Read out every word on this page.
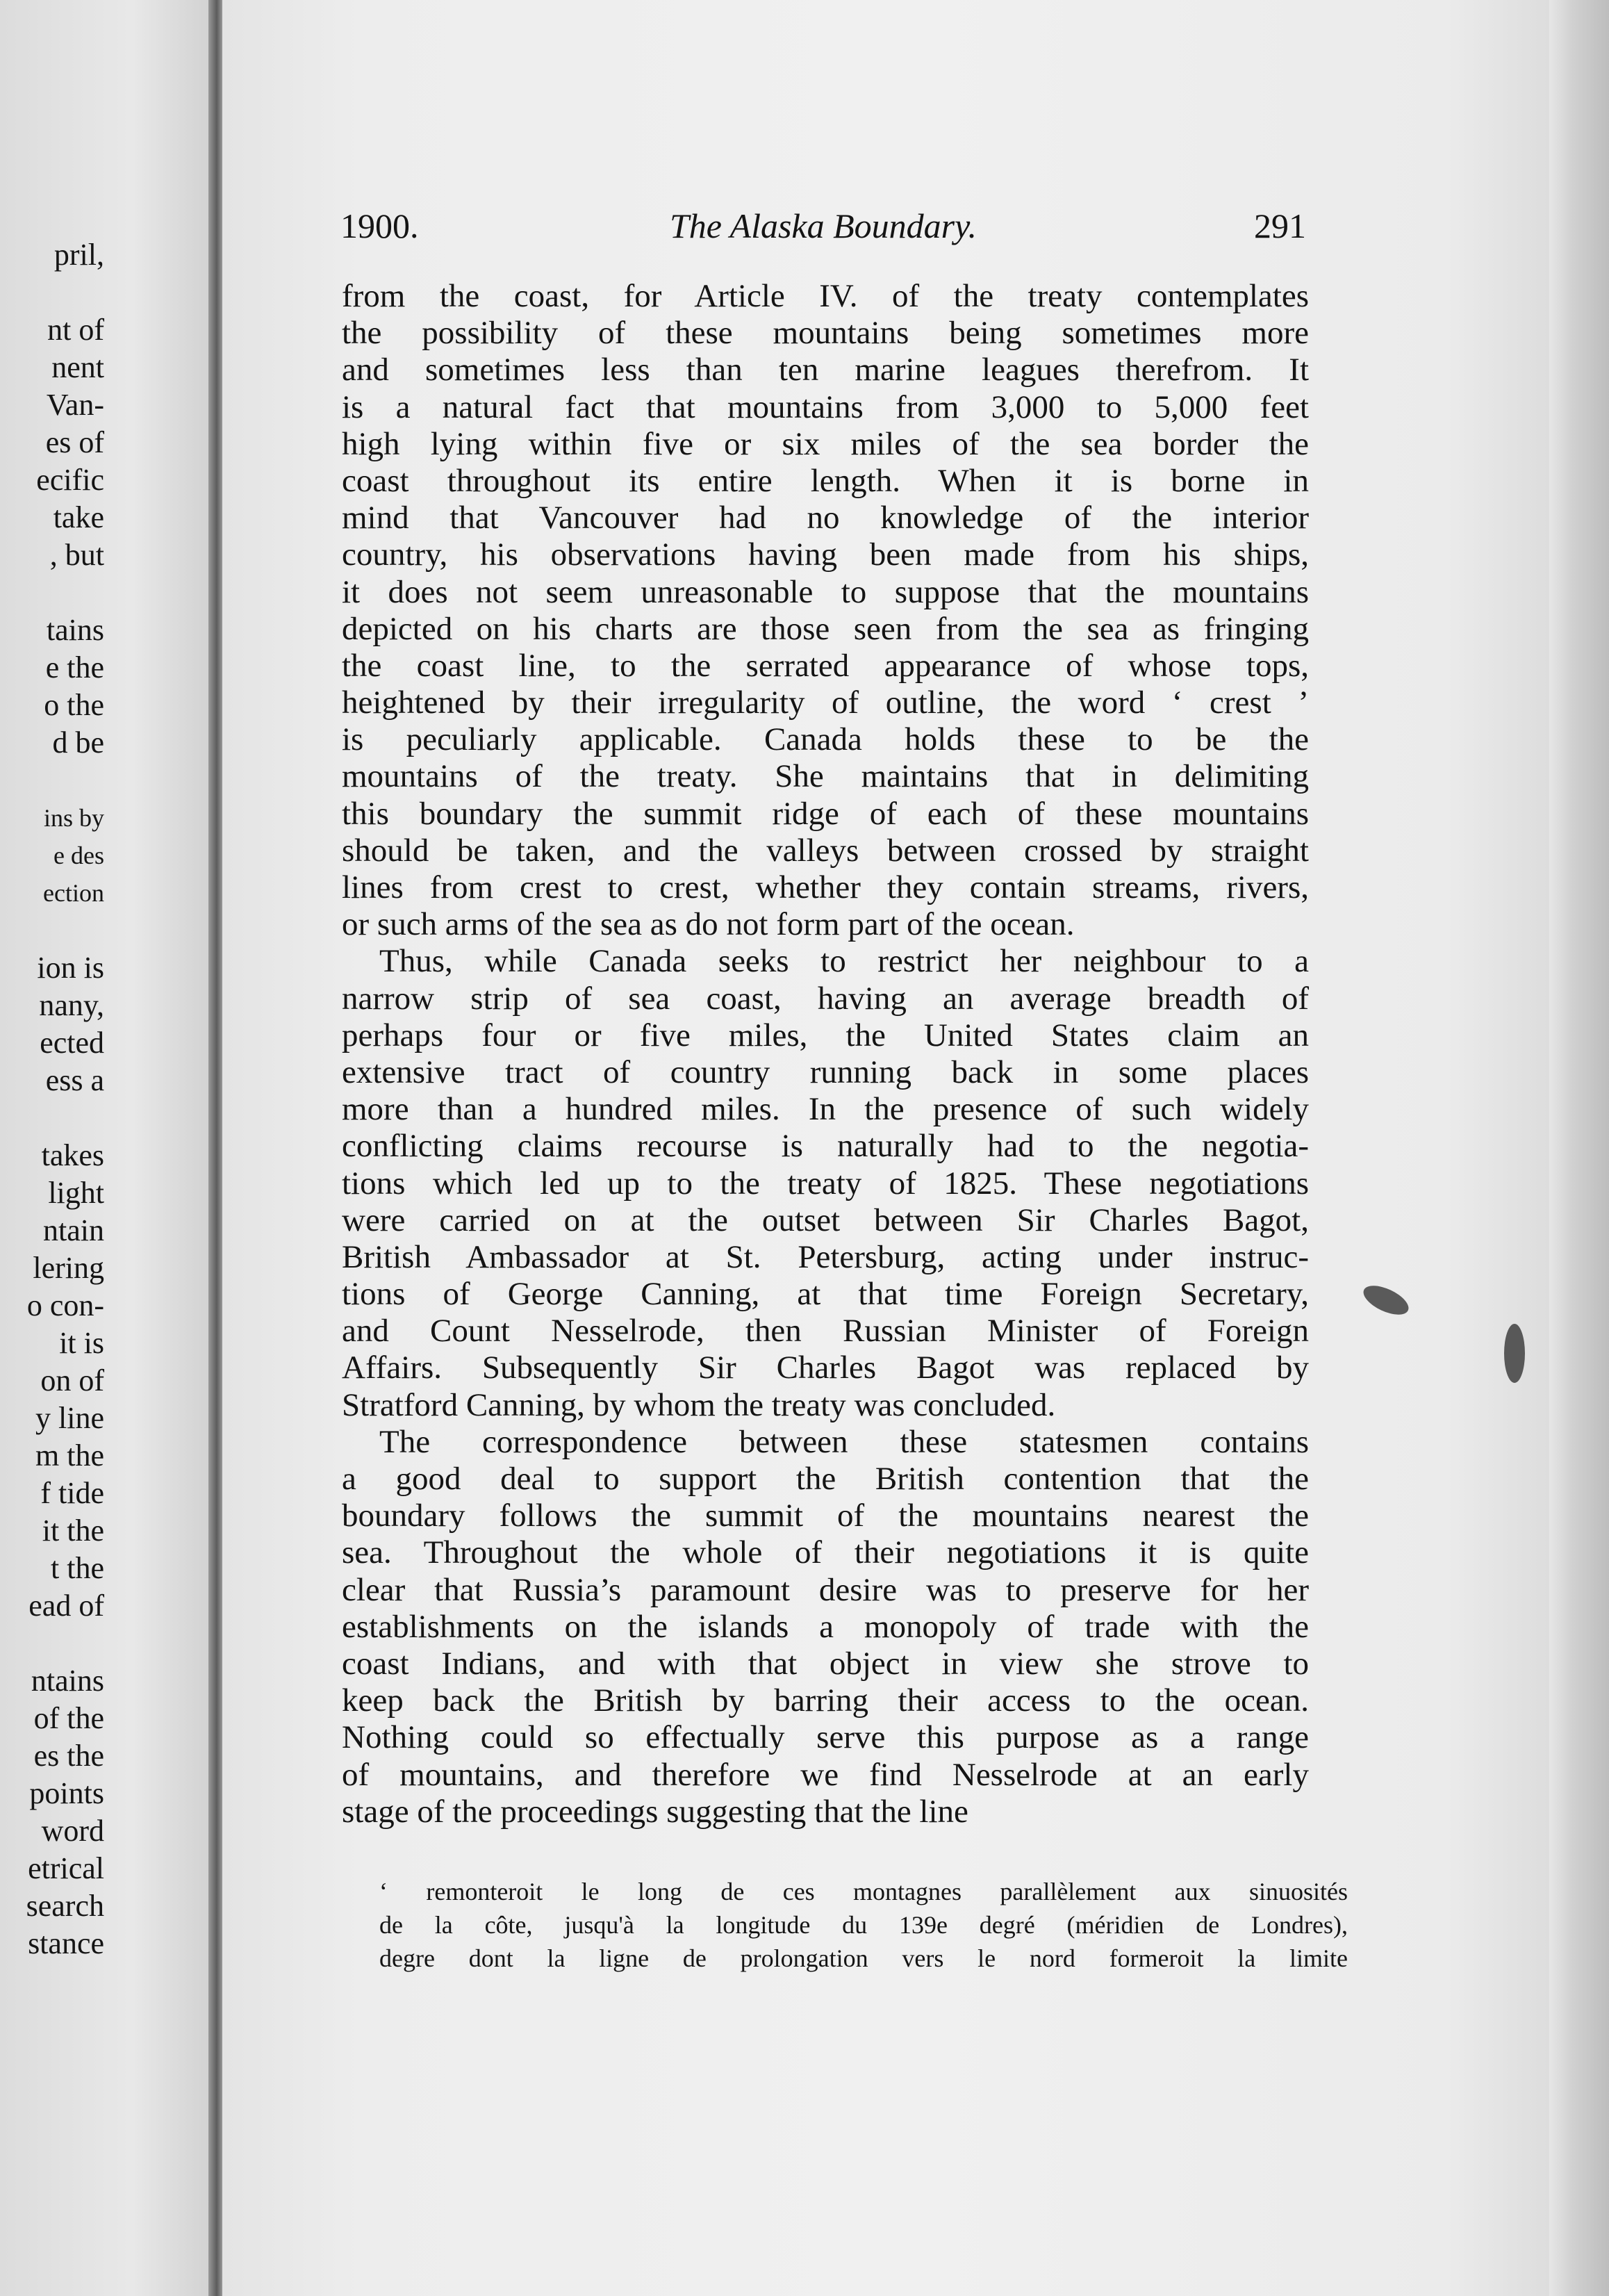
pril,

nt of
nent
Van-
es of
ecific
take
, but

tains
e the
o the
d be

ins by
e des
ection

ion is
nany,
ected
ess a

takes
light
ntain
lering
o con-
it is
on of
y line
m the
f tide
it the
t the
ead of

ntains
of the
es the
points
word
etrical
search
stance
1900.	The Alaska Boundary.	291
from the coast, for Article IV. of the treaty contemplates
the possibility of these mountains being sometimes more
and sometimes less than ten marine leagues therefrom. It
is a natural fact that mountains from 3,000 to 5,000 feet
high lying within five or six miles of the sea border the
coast throughout its entire length. When it is borne in
mind that Vancouver had no knowledge of the interior
country, his observations having been made from his ships,
it does not seem unreasonable to suppose that the mountains
depicted on his charts are those seen from the sea as fringing
the coast line, to the serrated appearance of whose tops,
heightened by their irregularity of outline, the word ‘ crest ’
is peculiarly applicable. Canada holds these to be the
mountains of the treaty. She maintains that in delimiting
this boundary the summit ridge of each of these mountains
should be taken, and the valleys between crossed by straight
lines from crest to crest, whether they contain streams, rivers,
or such arms of the sea as do not form part of the ocean.
Thus, while Canada seeks to restrict her neighbour to a
narrow strip of sea coast, having an average breadth of
perhaps four or five miles, the United States claim an
extensive tract of country running back in some places
more than a hundred miles. In the presence of such widely
conflicting claims recourse is naturally had to the negotia-
tions which led up to the treaty of 1825. These negotiations
were carried on at the outset between Sir Charles Bagot,
British Ambassador at St. Petersburg, acting under instruc-
tions of George Canning, at that time Foreign Secretary,
and Count Nesselrode, then Russian Minister of Foreign
Affairs. Subsequently Sir Charles Bagot was replaced by
Stratford Canning, by whom the treaty was concluded.
The correspondence between these statesmen contains
a good deal to support the British contention that the
boundary follows the summit of the mountains nearest the
sea. Throughout the whole of their negotiations it is quite
clear that Russia’s paramount desire was to preserve for her
establishments on the islands a monopoly of trade with the
coast Indians, and with that object in view she strove to
keep back the British by barring their access to the ocean.
Nothing could so effectually serve this purpose as a range
of mountains, and therefore we find Nesselrode at an early
stage of the proceedings suggesting that the line
‘ remonteroit le long de ces montagnes parallèlement aux sinuosités
de la côte, jusqu'à la longitude du 139e degré (méridien de Londres),
degre dont la ligne de prolongation vers le nord formeroit la limite
